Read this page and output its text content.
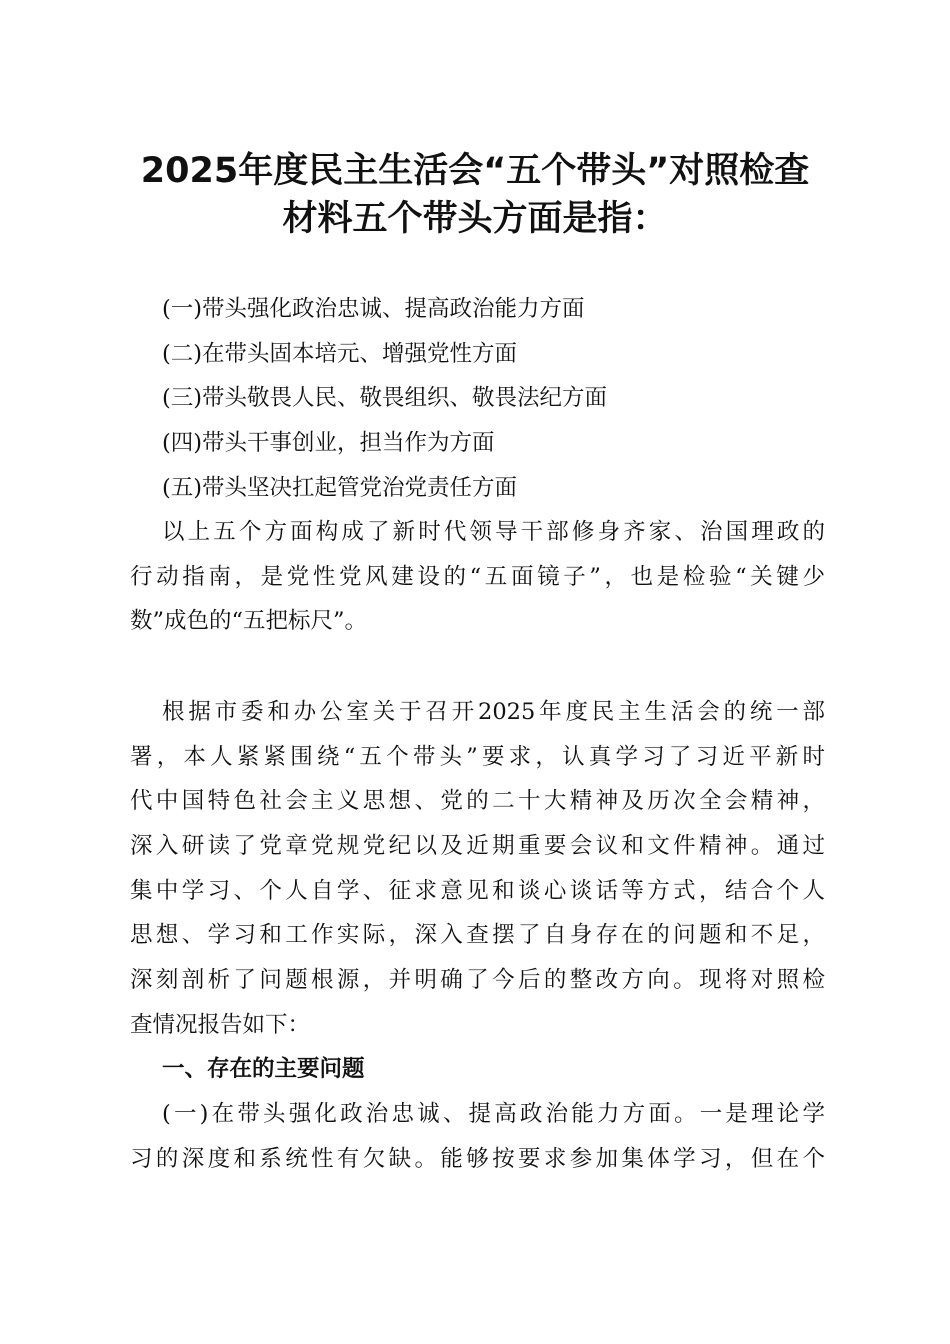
2025年度民主生活会“五个带头”对照检查
材料五个带头方面是指：
(一)带头强化政治忠诚、提高政治能力方面
(二)在带头固本培元、增强党性方面
(三)带头敬畏人民、敬畏组织、敬畏法纪方面
(四)带头干事创业，担当作为方面
(五)带头坚决扛起管党治党责任方面
以上五个方面构成了新时代领导干部修身齐家、治国理政的
行动指南，是党性党风建设的“五面镜子”，也是检验“关键少
数”成色的“五把标尺”。
根据市委和办公室关于召开2025年度民主生活会的统一部
署，本人紧紧围绕“五个带头”要求，认真学习了习近平新时
代中国特色社会主义思想、党的二十大精神及历次全会精神，
深入研读了党章党规党纪以及近期重要会议和文件精神。通过
集中学习、个人自学、征求意见和谈心谈话等方式，结合个人
思想、学习和工作实际，深入查摆了自身存在的问题和不足，
深刻剖析了问题根源，并明确了今后的整改方向。现将对照检
查情况报告如下：
一、存在的主要问题
(一)在带头强化政治忠诚、提高政治能力方面。一是理论学
习的深度和系统性有欠缺。能够按要求参加集体学习，但在个
